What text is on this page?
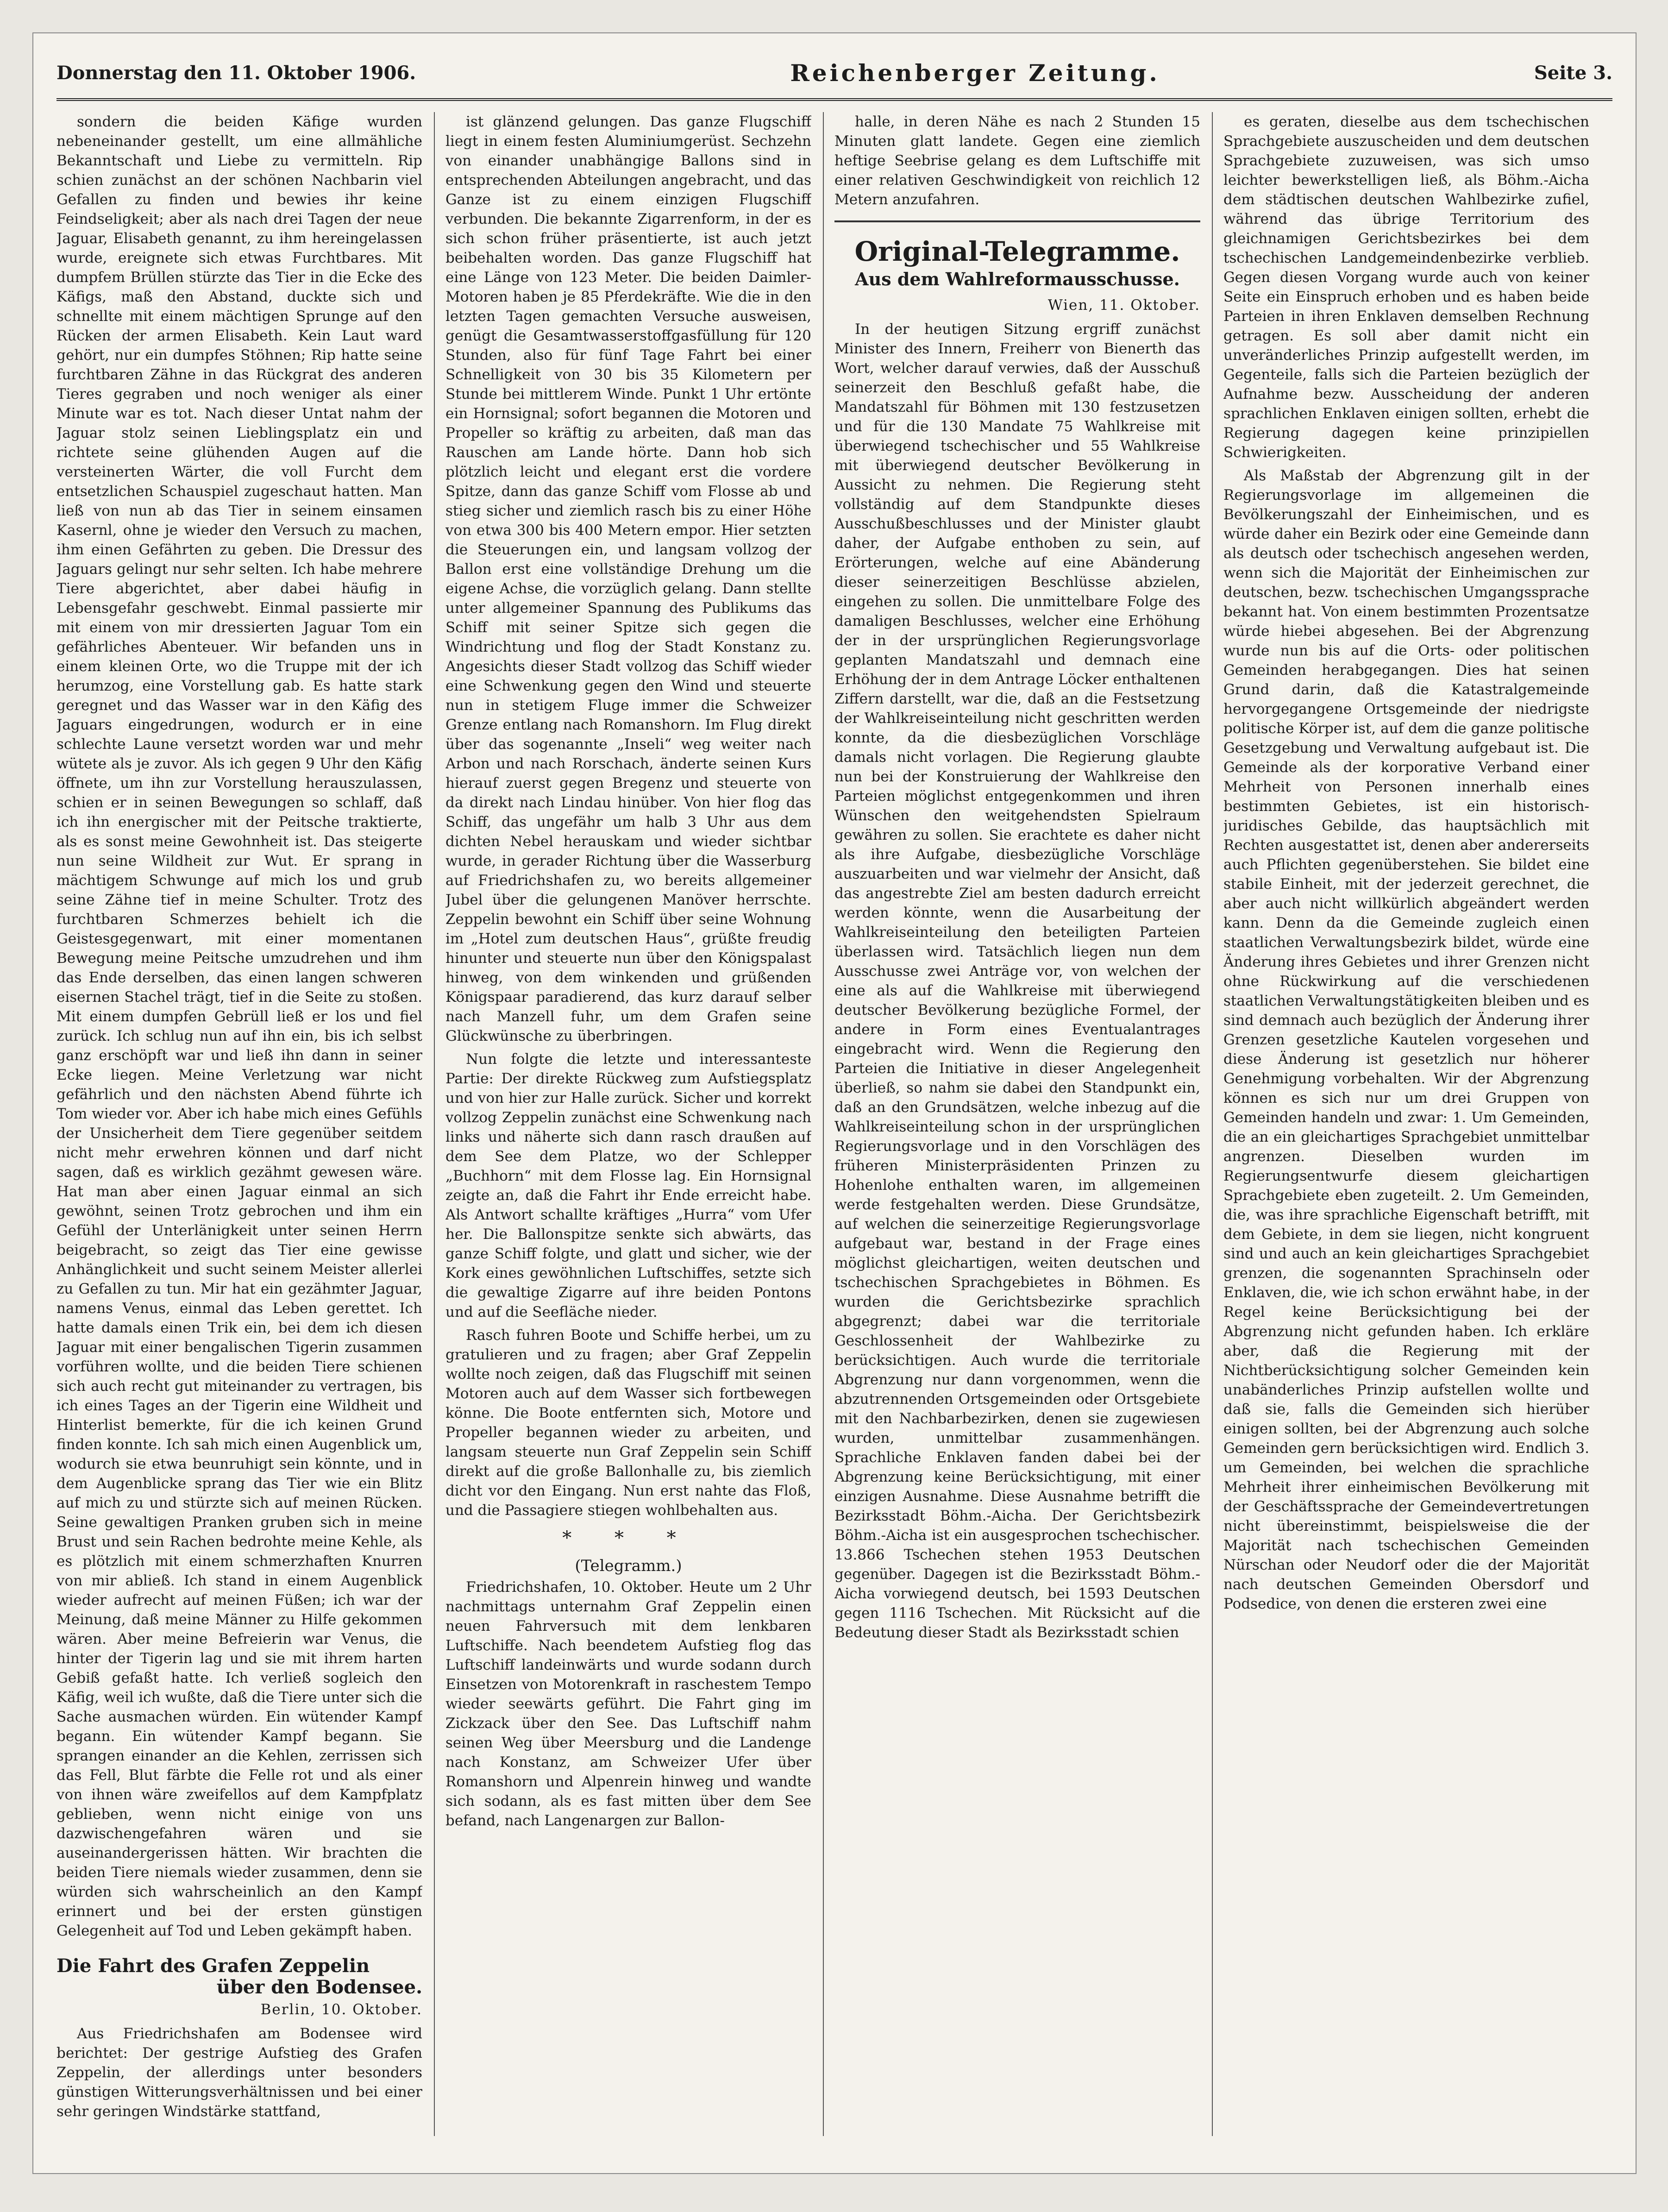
Donnerstag den 11. Oktober 1906.	Reichenberger Zeitung.	Seite 3.

sondern die beiden Käfige wurden nebeneinander gestellt, um eine allmähliche Bekanntschaft und Liebe zu vermitteln. Rip schien zunächst an der schönen Nachbarin viel Gefallen zu finden und bewies ihr keine Feindseligkeit; aber als nach drei Tagen der neue Jaguar, Elisabeth genannt, zu ihm hereingelassen wurde, ereignete sich etwas Furchtbares. Mit dumpfem Brüllen stürzte das Tier in die Ecke des Käfigs, maß den Abstand, duckte sich und schnellte mit einem mächtigen Sprunge auf den Rücken der armen Elisabeth. Kein Laut ward gehört, nur ein dumpfes Stöhnen; Rip hatte seine furchtbaren Zähne in das Rückgrat des anderen Tieres gegraben und noch weniger als einer Minute war es tot. Nach dieser Untat nahm der Jaguar stolz seinen Lieblingsplatz ein und richtete seine glühenden Augen auf die versteinerten Wärter, die voll Furcht dem entsetzlichen Schauspiel zugeschaut hatten. Man ließ von nun ab das Tier in seinem einsamen Kasernl, ohne je wieder den Versuch zu machen, ihm einen Gefährten zu geben. Die Dressur des Jaguars gelingt nur sehr selten. Ich habe mehrere Tiere abgerichtet, aber dabei häufig in Lebensgefahr geschwebt. Einmal passierte mir mit einem von mir dressierten Jaguar Tom ein gefährliches Abenteuer. Wir befanden uns in einem kleinen Orte, wo die Truppe mit der ich herumzog, eine Vorstellung gab. Es hatte stark geregnet und das Wasser war in den Käfig des Jaguars eingedrungen, wodurch er in eine schlechte Laune versetzt worden war und mehr wütete als je zuvor. Als ich gegen 9 Uhr den Käfig öffnete, um ihn zur Vorstellung herauszulassen, schien er in seinen Bewegungen so schlaff, daß ich ihn energischer mit der Peitsche traktierte, als es sonst meine Gewohnheit ist. Das steigerte nun seine Wildheit zur Wut. Er sprang in mächtigem Schwunge auf mich los und grub seine Zähne tief in meine Schulter. Trotz des furchtbaren Schmerzes behielt ich die Geistesgegenwart, mit einer momentanen Bewegung meine Peitsche umzudrehen und ihm das Ende derselben, das einen langen schweren eisernen Stachel trägt, tief in die Seite zu stoßen. Mit einem dumpfen Gebrüll ließ er los und fiel zurück. Ich schlug nun auf ihn ein, bis ich selbst ganz erschöpft war und ließ ihn dann in seiner Ecke liegen. Meine Verletzung war nicht gefährlich und den nächsten Abend führte ich Tom wieder vor. Aber ich habe mich eines Gefühls der Unsicherheit dem Tiere gegenüber seitdem nicht mehr erwehren können und darf nicht sagen, daß es wirklich gezähmt gewesen wäre. Hat man aber einen Jaguar einmal an sich gewöhnt, seinen Trotz gebrochen und ihm ein Gefühl der Unterlänigkeit unter seinen Herrn beigebracht, so zeigt das Tier eine gewisse Anhänglichkeit und sucht seinem Meister allerlei zu Gefallen zu tun. Mir hat ein gezähmter Jaguar, namens Venus, einmal das Leben gerettet. Ich hatte damals einen Trik ein, bei dem ich diesen Jaguar mit einer bengalischen Tigerin zusammen vorführen wollte, und die beiden Tiere schienen sich auch recht gut miteinander zu vertragen, bis ich eines Tages an der Tigerin eine Wildheit und Hinterlist bemerkte, für die ich keinen Grund finden konnte. Ich sah mich einen Augenblick um, wodurch sie etwa beunruhigt sein könnte, und in dem Augenblicke sprang das Tier wie ein Blitz auf mich zu und stürzte sich auf meinen Rücken. Seine gewaltigen Pranken gruben sich in meine Brust und sein Rachen bedrohte meine Kehle, als es plötzlich mit einem schmerzhaften Knurren von mir abließ. Ich stand in einem Augenblick wieder aufrecht auf meinen Füßen; ich war der Meinung, daß meine Männer zu Hilfe gekommen wären. Aber meine Befreierin war Venus, die hinter der Tigerin lag und sie mit ihrem harten Gebiß gefaßt hatte. Ich verließ sogleich den Käfig, weil ich wußte, daß die Tiere unter sich die Sache ausmachen würden. Ein wütender Kampf begann. Ein wütender Kampf begann. Sie sprangen einander an die Kehlen, zerrissen sich das Fell, Blut färbte die Felle rot und als einer von ihnen wäre zweifellos auf dem Kampfplatz geblieben, wenn nicht einige von uns dazwischengefahren wären und sie auseinandergerissen hätten. Wir brachten die beiden Tiere niemals wieder zusammen, denn sie würden sich wahrscheinlich an den Kampf erinnert und bei der ersten günstigen Gelegenheit auf Tod und Leben gekämpft haben.

Die Fahrt des Grafen Zeppelin
über den Bodensee.
Berlin, 10. Oktober.

Aus Friedrichshafen am Bodensee wird berichtet: Der gestrige Aufstieg des Grafen Zeppelin, der allerdings unter besonders günstigen Witterungsverhältnissen und bei einer sehr geringen Windstärke stattfand,

ist glänzend gelungen. Das ganze Flugschiff liegt in einem festen Aluminiumgerüst. Sechzehn von einander unabhängige Ballons sind in entsprechenden Abteilungen angebracht, und das Ganze ist zu einem einzigen Flugschiff verbunden. Die bekannte Zigarrenform, in der es sich schon früher präsentierte, ist auch jetzt beibehalten worden. Das ganze Flugschiff hat eine Länge von 123 Meter. Die beiden Daimler-Motoren haben je 85 Pferdekräfte. Wie die in den letzten Tagen gemachten Versuche ausweisen, genügt die Gesamtwasserstoffgasfüllung für 120 Stunden, also für fünf Tage Fahrt bei einer Schnelligkeit von 30 bis 35 Kilometern per Stunde bei mittlerem Winde. Punkt 1 Uhr ertönte ein Hornsignal; sofort begannen die Motoren und Propeller so kräftig zu arbeiten, daß man das Rauschen am Lande hörte. Dann hob sich plötzlich leicht und elegant erst die vordere Spitze, dann das ganze Schiff vom Flosse ab und stieg sicher und ziemlich rasch bis zu einer Höhe von etwa 300 bis 400 Metern empor. Hier setzten die Steuerungen ein, und langsam vollzog der Ballon erst eine vollständige Drehung um die eigene Achse, die vorzüglich gelang. Dann stellte unter allgemeiner Spannung des Publikums das Schiff mit seiner Spitze sich gegen die Windrichtung und flog der Stadt Konstanz zu. Angesichts dieser Stadt vollzog das Schiff wieder eine Schwenkung gegen den Wind und steuerte nun in stetigem Fluge immer die Schweizer Grenze entlang nach Romanshorn. Im Flug direkt über das sogenannte „Inseli“ weg weiter nach Arbon und nach Rorschach, änderte seinen Kurs hierauf zuerst gegen Bregenz und steuerte von da direkt nach Lindau hinüber. Von hier flog das Schiff, das ungefähr um halb 3 Uhr aus dem dichten Nebel herauskam und wieder sichtbar wurde, in gerader Richtung über die Wasserburg auf Friedrichshafen zu, wo bereits allgemeiner Jubel über die gelungenen Manöver herrschte. Zeppelin bewohnt ein Schiff über seine Wohnung im „Hotel zum deutschen Haus“, grüßte freudig hinunter und steuerte nun über den Königspalast hinweg, von dem winkenden und grüßenden Königspaar paradierend, das kurz darauf selber nach Manzell fuhr, um dem Grafen seine Glückwünsche zu überbringen.

Nun folgte die letzte und interessanteste Partie: Der direkte Rückweg zum Aufstiegsplatz und von hier zur Halle zurück. Sicher und korrekt vollzog Zeppelin zunächst eine Schwenkung nach links und näherte sich dann rasch draußen auf dem See dem Platze, wo der Schlepper „Buchhorn“ mit dem Flosse lag. Ein Hornsignal zeigte an, daß die Fahrt ihr Ende erreicht habe. Als Antwort schallte kräftiges „Hurra“ vom Ufer her. Die Ballonspitze senkte sich abwärts, das ganze Schiff folgte, und glatt und sicher, wie der Kork eines gewöhnlichen Luftschiffes, setzte sich die gewaltige Zigarre auf ihre beiden Pontons und auf die Seefläche nieder.

Rasch fuhren Boote und Schiffe herbei, um zu gratulieren und zu fragen; aber Graf Zeppelin wollte noch zeigen, daß das Flugschiff mit seinen Motoren auch auf dem Wasser sich fortbewegen könne. Die Boote entfernten sich, Motore und Propeller begannen wieder zu arbeiten, und langsam steuerte nun Graf Zeppelin sein Schiff direkt auf die große Ballonhalle zu, bis ziemlich dicht vor den Eingang. Nun erst nahte das Floß, und die Passagiere stiegen wohlbehalten aus.

* * *
(Telegramm.)

Friedrichshafen, 10. Oktober. Heute um 2 Uhr nachmittags unternahm Graf Zeppelin einen neuen Fahrversuch mit dem lenkbaren Luftschiffe. Nach beendetem Aufstieg flog das Luftschiff landeinwärts und wurde sodann durch Einsetzen von Motorenkraft in raschestem Tempo wieder seewärts geführt. Die Fahrt ging im Zickzack über den See. Das Luftschiff nahm seinen Weg über Meersburg und die Landenge nach Konstanz, am Schweizer Ufer über Romanshorn und Alpenrein hinweg und wandte sich sodann, als es fast mitten über dem See befand, nach Langenargen zur Ballon-

halle, in deren Nähe es nach 2 Stunden 15 Minuten glatt landete. Gegen eine ziemlich heftige Seebrise gelang es dem Luftschiffe mit einer relativen Geschwindigkeit von reichlich 12 Metern anzufahren.

Original-Telegramme.
Aus dem Wahlreformausschusse.
Wien, 11. Oktober.

In der heutigen Sitzung ergriff zunächst Minister des Innern, Freiherr von Bienerth das Wort, welcher darauf verwies, daß der Ausschuß seinerzeit den Beschluß gefaßt habe, die Mandatszahl für Böhmen mit 130 festzusetzen und für die 130 Mandate 75 Wahlkreise mit überwiegend tschechischer und 55 Wahlkreise mit überwiegend deutscher Bevölkerung in Aussicht zu nehmen. Die Regierung steht vollständig auf dem Standpunkte dieses Ausschußbeschlusses und der Minister glaubt daher, der Aufgabe enthoben zu sein, auf Erörterungen, welche auf eine Abänderung dieser seinerzeitigen Beschlüsse abzielen, eingehen zu sollen. Die unmittelbare Folge des damaligen Beschlusses, welcher eine Erhöhung der in der ursprünglichen Regierungsvorlage geplanten Mandatszahl und demnach eine Erhöhung der in dem Antrage Löcker enthaltenen Ziffern darstellt, war die, daß an die Festsetzung der Wahlkreiseinteilung nicht geschritten werden konnte, da die diesbezüglichen Vorschläge damals nicht vorlagen. Die Regierung glaubte nun bei der Konstruierung der Wahlkreise den Parteien möglichst entgegenkommen und ihren Wünschen den weitgehendsten Spielraum gewähren zu sollen. Sie erachtete es daher nicht als ihre Aufgabe, diesbezügliche Vorschläge auszuarbeiten und war vielmehr der Ansicht, daß das angestrebte Ziel am besten dadurch erreicht werden könnte, wenn die Ausarbeitung der Wahlkreiseinteilung den beteiligten Parteien überlassen wird. Tatsächlich liegen nun dem Ausschusse zwei Anträge vor, von welchen der eine als auf die Wahlkreise mit überwiegend deutscher Bevölkerung bezügliche Formel, der andere in Form eines Eventualantrages eingebracht wird. Wenn die Regierung den Parteien die Initiative in dieser Angelegenheit überließ, so nahm sie dabei den Standpunkt ein, daß an den Grundsätzen, welche inbezug auf die Wahlkreiseinteilung schon in der ursprünglichen Regierungsvorlage und in den Vorschlägen des früheren Ministerpräsidenten Prinzen zu Hohenlohe enthalten waren, im allgemeinen werde festgehalten werden. Diese Grundsätze, auf welchen die seinerzeitige Regierungsvorlage aufgebaut war, bestand in der Frage eines möglichst gleichartigen, weiten deutschen und tschechischen Sprachgebietes in Böhmen. Es wurden die Gerichtsbezirke sprachlich abgegrenzt; dabei war die territoriale Geschlossenheit der Wahlbezirke zu berücksichtigen. Auch wurde die territoriale Abgrenzung nur dann vorgenommen, wenn die abzutrennenden Ortsgemeinden oder Ortsgebiete mit den Nachbarbezirken, denen sie zugewiesen wurden, unmittelbar zusammenhängen. Sprachliche Enklaven fanden dabei bei der Abgrenzung keine Berücksichtigung, mit einer einzigen Ausnahme. Diese Ausnahme betrifft die Bezirksstadt Böhm.-Aicha. Der Gerichtsbezirk Böhm.-Aicha ist ein ausgesprochen tschechischer. 13.866 Tschechen stehen 1953 Deutschen gegenüber. Dagegen ist die Bezirksstadt Böhm.-Aicha vorwiegend deutsch, bei 1593 Deutschen gegen 1116 Tschechen. Mit Rücksicht auf die Bedeutung dieser Stadt als Bezirksstadt schien

es geraten, dieselbe aus dem tschechischen Sprachgebiete auszuscheiden und dem deutschen Sprachgebiete zuzuweisen, was sich umso leichter bewerkstelligen ließ, als Böhm.-Aicha dem städtischen deutschen Wahlbezirke zufiel, während das übrige Territorium des gleichnamigen Gerichtsbezirkes bei dem tschechischen Landgemeindenbezirke verblieb. Gegen diesen Vorgang wurde auch von keiner Seite ein Einspruch erhoben und es haben beide Parteien in ihren Enklaven demselben Rechnung getragen. Es soll aber damit nicht ein unveränderliches Prinzip aufgestellt werden, im Gegenteile, falls sich die Parteien bezüglich der Aufnahme bezw. Ausscheidung der anderen sprachlichen Enklaven einigen sollten, erhebt die Regierung dagegen keine prinzipiellen Schwierigkeiten.

Als Maßstab der Abgrenzung gilt in der Regierungsvorlage im allgemeinen die Bevölkerungszahl der Einheimischen, und es würde daher ein Bezirk oder eine Gemeinde dann als deutsch oder tschechisch angesehen werden, wenn sich die Majorität der Einheimischen zur deutschen, bezw. tschechischen Umgangssprache bekannt hat. Von einem bestimmten Prozentsatze würde hiebei abgesehen. Bei der Abgrenzung wurde nun bis auf die Orts- oder politischen Gemeinden herabgegangen. Dies hat seinen Grund darin, daß die Katastralgemeinde hervorgegangene Ortsgemeinde der niedrigste politische Körper ist, auf dem die ganze politische Gesetzgebung und Verwaltung aufgebaut ist. Die Gemeinde als der korporative Verband einer Mehrheit von Personen innerhalb eines bestimmten Gebietes, ist ein historisch-juridisches Gebilde, das hauptsächlich mit Rechten ausgestattet ist, denen aber andererseits auch Pflichten gegenüberstehen. Sie bildet eine stabile Einheit, mit der jederzeit gerechnet, die aber auch nicht willkürlich abgeändert werden kann. Denn da die Gemeinde zugleich einen staatlichen Verwaltungsbezirk bildet, würde eine Änderung ihres Gebietes und ihrer Grenzen nicht ohne Rückwirkung auf die verschiedenen staatlichen Verwaltungstätigkeiten bleiben und es sind demnach auch bezüglich der Änderung ihrer Grenzen gesetzliche Kautelen vorgesehen und diese Änderung ist gesetzlich nur höherer Genehmigung vorbehalten. Wir der Abgrenzung können es sich nur um drei Gruppen von Gemeinden handeln und zwar: 1. Um Gemeinden, die an ein gleichartiges Sprachgebiet unmittelbar angrenzen. Dieselben wurden im Regierungsentwurfe diesem gleichartigen Sprachgebiete eben zugeteilt. 2. Um Gemeinden, die, was ihre sprachliche Eigenschaft betrifft, mit dem Gebiete, in dem sie liegen, nicht kongruent sind und auch an kein gleichartiges Sprachgebiet grenzen, die sogenannten Sprachinseln oder Enklaven, die, wie ich schon erwähnt habe, in der Regel keine Berücksichtigung bei der Abgrenzung nicht gefunden haben. Ich erkläre aber, daß die Regierung mit der Nichtberücksichtigung solcher Gemeinden kein unabänderliches Prinzip aufstellen wollte und daß sie, falls die Gemeinden sich hierüber einigen sollten, bei der Abgrenzung auch solche Gemeinden gern berücksichtigen wird. Endlich 3. um Gemeinden, bei welchen die sprachliche Mehrheit ihrer einheimischen Bevölkerung mit der Geschäftssprache der Gemeindevertretungen nicht übereinstimmt, beispielsweise die der Majorität nach tschechischen Gemeinden Nürschan oder Neudorf oder die der Majorität nach deutschen Gemeinden Obersdorf und Podsedice, von denen die ersteren zwei eine
